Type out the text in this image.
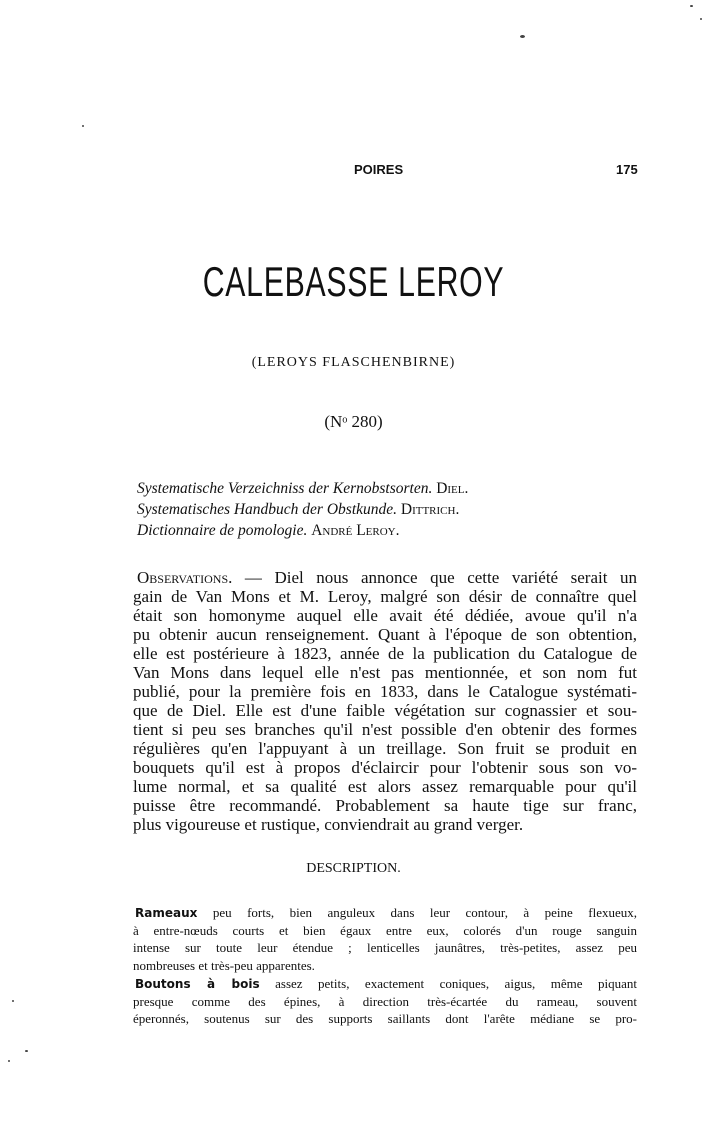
POIRES	175
CALEBASSE LEROY
(LEROYS FLASCHENBIRNE)
(Nᵒ 280)
Systematische Verzeichniss der Kernobstsorten. Diel.
Systematisches Handbuch der Obstkunde. Dittrich.
Dictionnaire de pomologie. André Leroy.
Observations. — Diel nous annonce que cette variété serait un
gain de Van Mons et M. Leroy, malgré son désir de connaître quel
était son homonyme auquel elle avait été dédiée, avoue qu'il n'a
pu obtenir aucun renseignement. Quant à l'époque de son obtention,
elle est postérieure à 1823, année de la publication du Catalogue de
Van Mons dans lequel elle n'est pas mentionnée, et son nom fut
publié, pour la première fois en 1833, dans le Catalogue systémati-
que de Diel. Elle est d'une faible végétation sur cognassier et sou-
tient si peu ses branches qu'il n'est possible d'en obtenir des formes
régulières qu'en l'appuyant à un treillage. Son fruit se produit en
bouquets qu'il est à propos d'éclaircir pour l'obtenir sous son vo-
lume normal, et sa qualité est alors assez remarquable pour qu'il
puisse être recommandé. Probablement sa haute tige sur franc,
plus vigoureuse et rustique, conviendrait au grand verger.
DESCRIPTION.
Rameaux peu forts, bien anguleux dans leur contour, à peine flexueux,
à entre-nœuds courts et bien égaux entre eux, colorés d'un rouge sanguin
intense sur toute leur étendue ; lenticelles jaunâtres, très-petites, assez peu
nombreuses et très-peu apparentes.
Boutons à bois assez petits, exactement coniques, aigus, même piquant
presque comme des épines, à direction très-écartée du rameau, souvent
éperonnés, soutenus sur des supports saillants dont l'arête médiane se pro-
